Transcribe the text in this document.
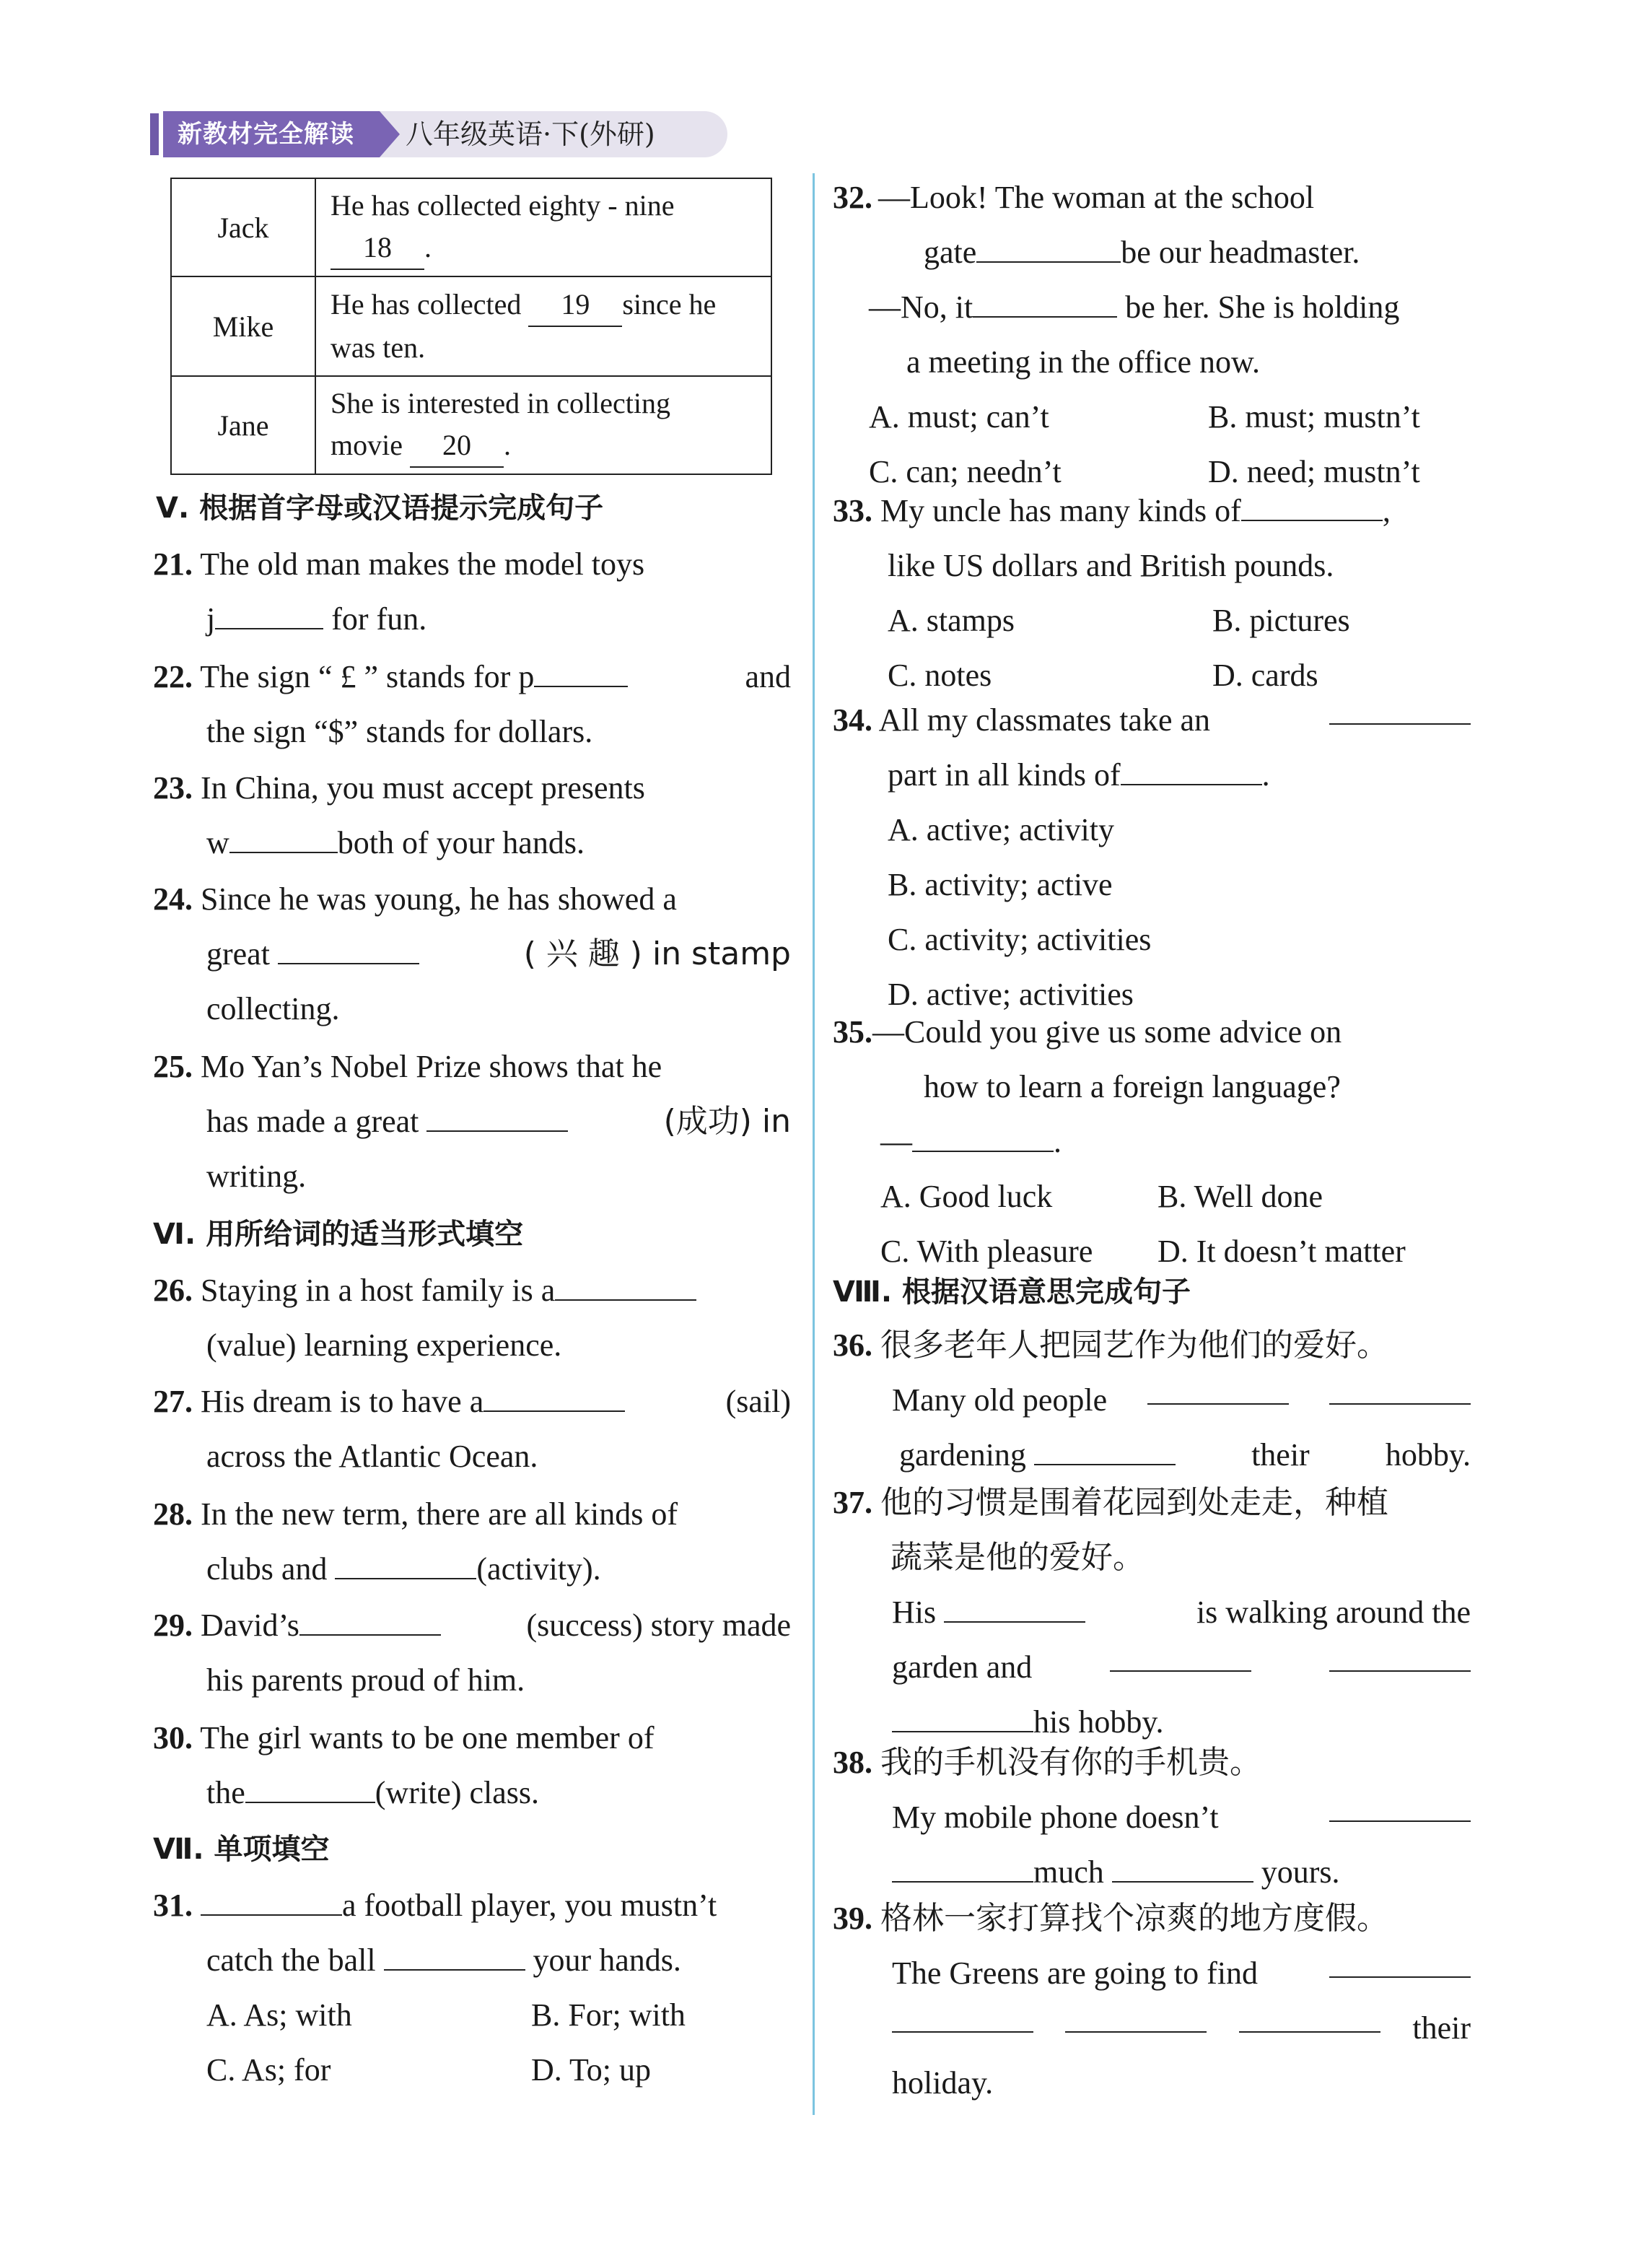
八年级英语·下(外研)
新教材完全解读
Jack	He has collected eighty - nine
18 .

Mike	He has collected 19 since he
was ten.

Jane	She is interested in collecting
movie 20 .
Ⅴ. 根据首字母或汉语提示完成句子
21. The old man makes the model toys
j	for fun.
22. The sign “ £ ” stands for p	and
the sign “$” stands for dollars.
23. In China, you must accept presents
w	both of your hands.
24. Since he was young, he has showed a
great	( 兴 趣 ) in stamp
collecting.
25. Mo Yan’s Nobel Prize shows that he
has made a great	(成功) in
writing.
Ⅵ. 用所给词的适当形式填空
26. Staying in a host family is a
(value) learning experience.
27. His dream is to have a	(sail)
across the Atlantic Ocean.
28. In the new term, there are all kinds of
clubs and	(activity).
29. David’s	(success) story made
his parents proud of him.
30. The girl wants to be one member of
the	(write) class.
Ⅶ. 单项填空
31.	a football player, you mustn’t
catch the ball	your hands.
A. As; with	B. For; with
C. As; for	D. To; up
32. —Look! The woman at the school
gate	be our headmaster.
—No, it	be her. She is holding
a meeting in the office now.
A. must; can’t	B. must; mustn’t
C. can; needn’t	D. need; mustn’t
33. My uncle has many kinds of	,
like US dollars and British pounds.
A. stamps	B. pictures
C. notes	D. cards
34. All my classmates take an
part in all kinds of	.
A. active; activity
B. activity; active
C. activity; activities
D. active; activities
35.—Could you give us some advice on
how to learn a foreign language?
—	.
A. Good luck	B. Well done
C. With pleasure	D. It doesn’t matter
Ⅷ. 根据汉语意思完成句子
36. 很多老年人把园艺作为他们的爱好。
Many old people
gardening	their hobby.
37. 他的习惯是围着花园到处走走，种植
蔬菜是他的爱好。
His	is walking around the
garden and
his hobby.
38. 我的手机没有你的手机贵。
My mobile phone doesn’t
much	yours.
39. 格林一家打算找个凉爽的地方度假。
The Greens are going to find
their
holiday.
